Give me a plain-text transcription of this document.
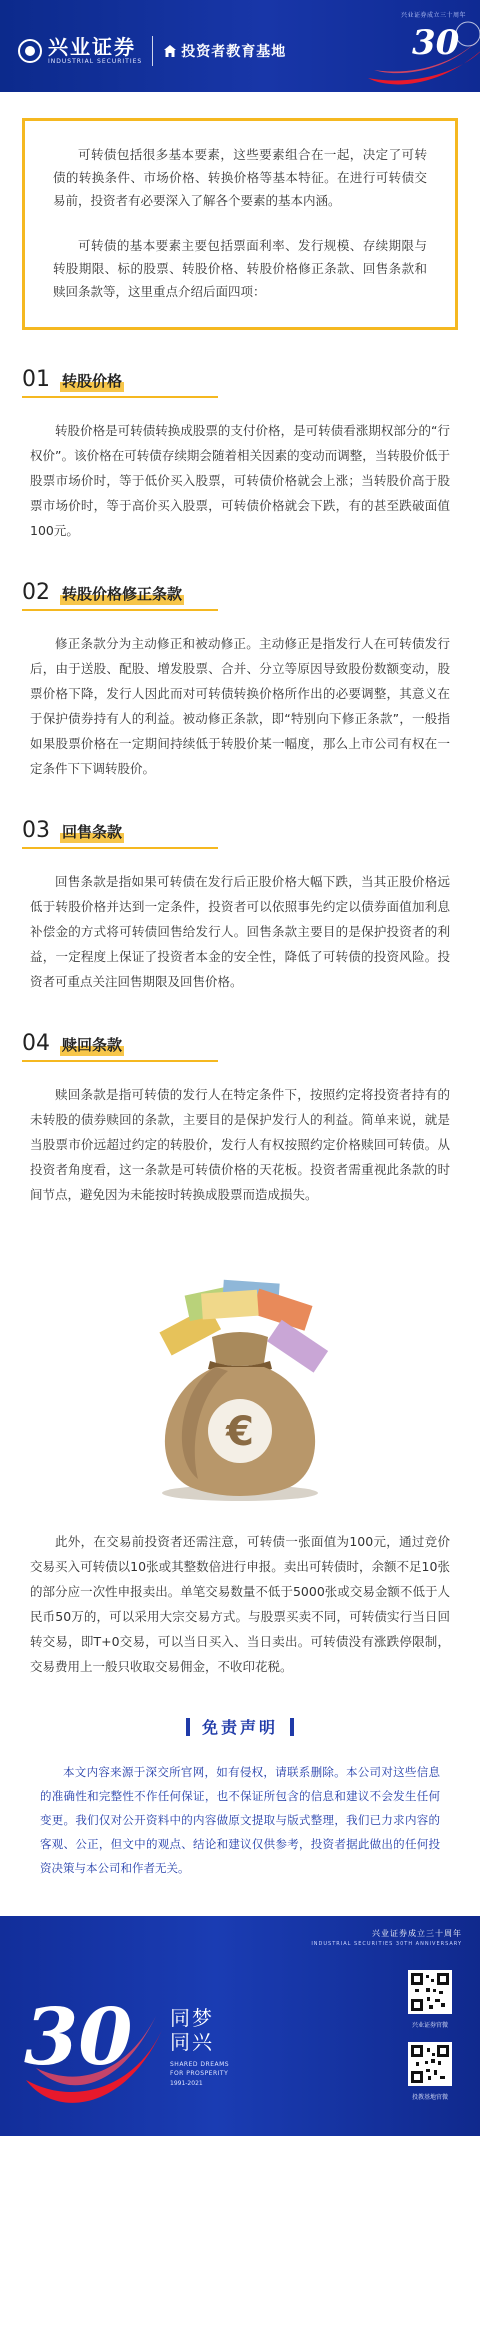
兴业证券
INDUSTRIAL SECURITIES
投资者教育基地
兴业证券成立三十周年
30

可转债包括很多基本要素，这些要素组合在一起，决定了可转债的转换条件、市场价格、转换价格等基本特征。在进行可转债交易前，投资者有必要深入了解各个要素的基本内涵。

可转债的基本要素主要包括票面利率、发行规模、存续期限与转股期限、标的股票、转股价格、转股价格修正条款、回售条款和赎回条款等，这里重点介绍后面四项：

01 转股价格

转股价格是可转债转换成股票的支付价格，是可转债看涨期权部分的“行权价”。该价格在可转债存续期会随着相关因素的变动而调整，当转股价低于股票市场价时，等于低价买入股票，可转债价格就会上涨；当转股价高于股票市场价时，等于高价买入股票，可转债价格就会下跌，有的甚至跌破面值100元。

02 转股价格修正条款

修正条款分为主动修正和被动修正。主动修正是指发行人在可转债发行后，由于送股、配股、增发股票、合并、分立等原因导致股份数额变动，股票价格下降，发行人因此而对可转债转换价格所作出的必要调整，其意义在于保护债券持有人的利益。被动修正条款，即“特别向下修正条款”，一般指如果股票价格在一定期间持续低于转股价某一幅度，那么上市公司有权在一定条件下下调转股价。

03 回售条款

回售条款是指如果可转债在发行后正股价格大幅下跌，当其正股价格远低于转股价格并达到一定条件，投资者可以依照事先约定以债券面值加利息补偿金的方式将可转债回售给发行人。回售条款主要目的是保护投资者的利益，一定程度上保证了投资者本金的安全性，降低了可转债的投资风险。投资者可重点关注回售期限及回售价格。

04 赎回条款

赎回条款是指可转债的发行人在特定条件下，按照约定将投资者持有的未转股的债券赎回的条款，主要目的是保护发行人的利益。简单来说，就是当股票市价远超过约定的转股价，发行人有权按照约定价格赎回可转债。从投资者角度看，这一条款是可转债价格的天花板。投资者需重视此条款的时间节点，避免因为未能按时转换成股票而造成损失。

€

此外，在交易前投资者还需注意，可转债一张面值为100元，通过竞价交易买入可转债以10张或其整数倍进行申报。卖出可转债时，余额不足10张的部分应一次性申报卖出。单笔交易数量不低于5000张或交易金额不低于人民币50万的，可以采用大宗交易方式。与股票买卖不同，可转债实行当日回转交易，即T+0交易，可以当日买入、当日卖出。可转债没有涨跌停限制，交易费用上一般只收取交易佣金，不收印花税。

免责声明

本文内容来源于深交所官网，如有侵权，请联系删除。本公司对这些信息的准确性和完整性不作任何保证，也不保证所包含的信息和建议不会发生任何变更。我们仅对公开资料中的内容做原文提取与版式整理，我们已力求内容的客观、公正，但文中的观点、结论和建议仅供参考，投资者据此做出的任何投资决策与本公司和作者无关。

兴业证券成立三十周年
INDUSTRIAL SECURITIES 30TH ANNIVERSARY
30 同梦
同兴
SHARED DREAMS
FOR PROSPERITY
1991-2021
兴业证券官微
投教基地官微
